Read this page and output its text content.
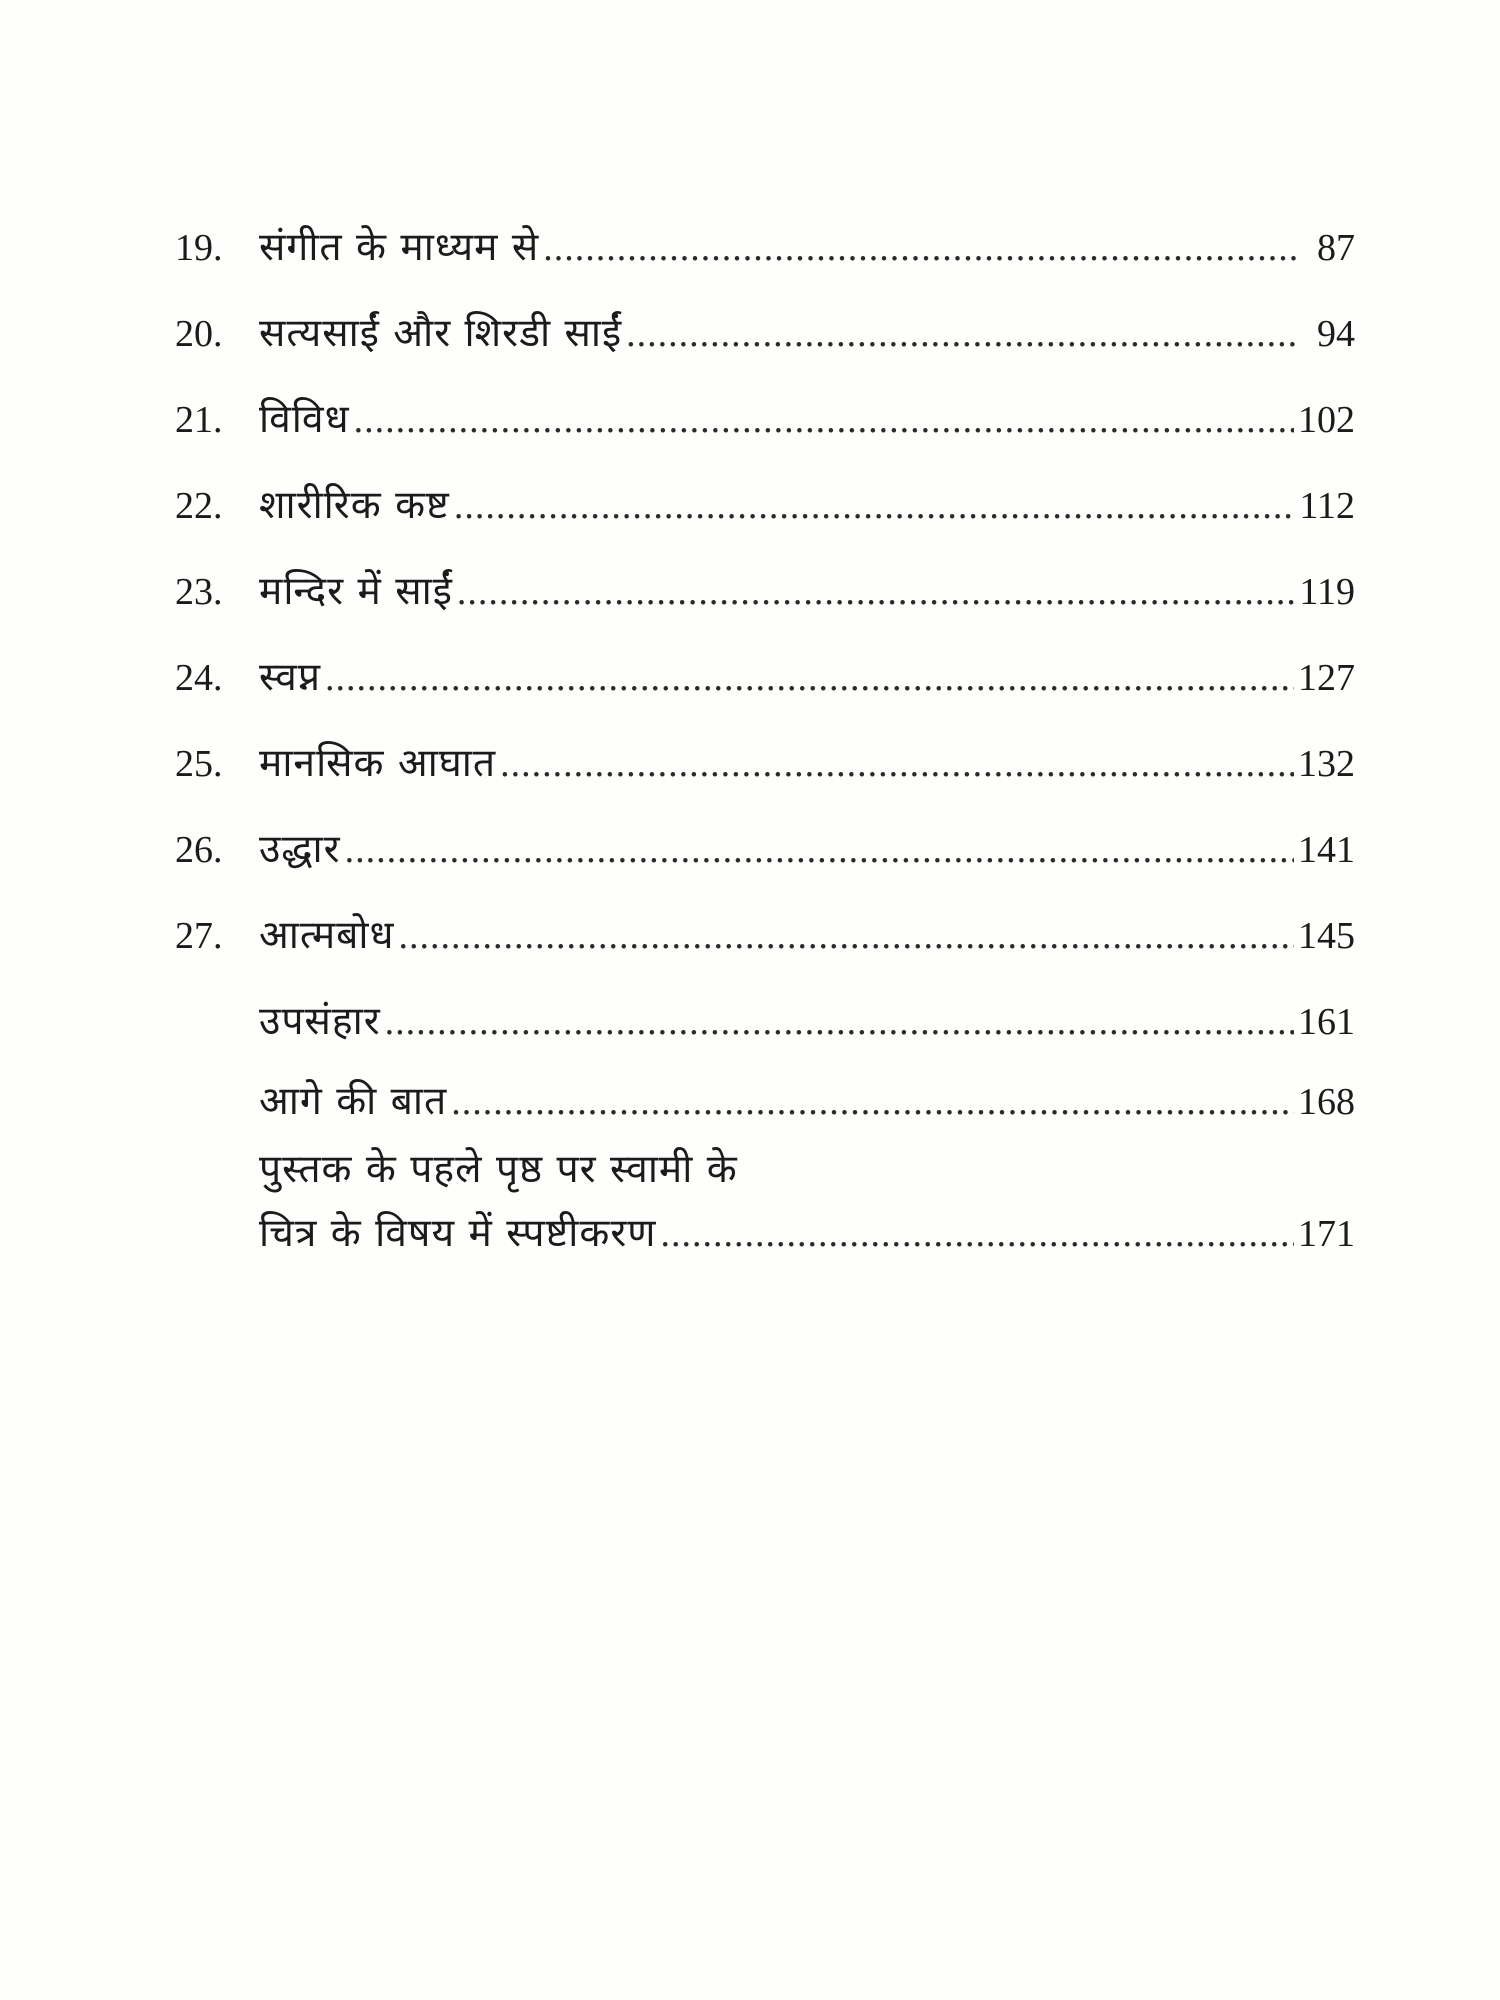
19. संगीत के माध्यम से .....	87
20. सत्यसाईं और शिरडी साईं .....	94
21. विविध .....	102
22. शारीरिक कष्ट .....	112
23. मन्दिर में साईं .....	119
24. स्वप्न .....	127
25. मानसिक आघात .....	132
26. उद्धार .....	141
27. आत्मबोध .....	145
उपसंहार .....	161
आगे की बात .....	168
पुस्तक के पहले पृष्ठ पर स्वामी के
चित्र के विषय में स्पष्टीकरण .....	171
